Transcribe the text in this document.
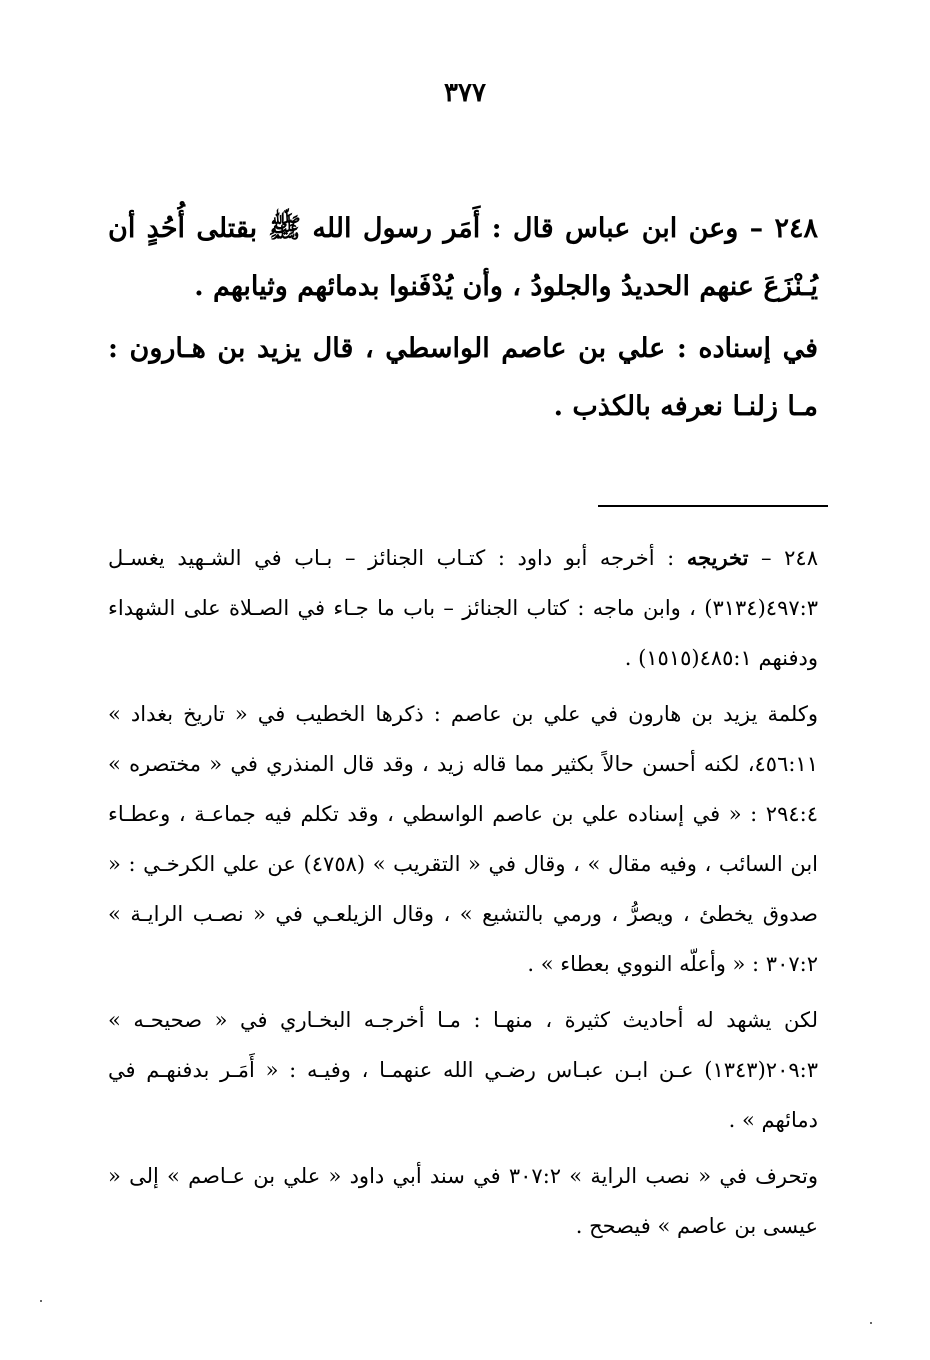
٣٧٧

٢٤٨ – وعن ابن عباس قال : أَمَر رسول الله ﷺ بقتلى أُحُدٍ أن يُـنْزَعَ عنهم الحديدُ والجلودُ ، وأن يُدْفَنوا بدمائهم وثيابهم .

في إسناده : علي بن عاصم الواسطي ، قال يزيد بن هـارون : مـا زلنـا نعرفه بالكذب .

٢٤٨ – تخريجه : أخرجه أبو داود : كتـاب الجنائز – بـاب في الشـهيد يغسـل ٤٩٧:٣(٣١٣٤) ، وابن ماجه : كتاب الجنائز – باب ما جـاء في الصـلاة على الشهداء ودفنهم ٤٨٥:١(١٥١٥) .

وكلمة يزيد بن هارون في علي بن عاصم : ذكرها الخطيب في « تاريخ بغداد » ٤٥٦:١١، لكنه أحسن حالاً بكثير مما قاله زيد ، وقد قال المنذري في « مختصره » ٢٩٤:٤ : « في إسناده علي بن عاصم الواسطي ، وقد تكلم فيه جماعـة ، وعطـاء ابن السائب ، وفيه مقال » ، وقال في « التقريب » (٤٧٥٨) عن علي الكرخـي : « صدوق يخطئ ، ويصرُّ ، ورمي بالتشيع » ، وقال الزيلعـي في « نصـب الرايـة » ٣٠٧:٢ : « وأعلّه النووي بعطاء » .

لكن يشهد له أحاديث كثيرة ، منهـا : مـا أخرجـه البخـاري في « صحيحـه » ٢٠٩:٣(١٣٤٣) عـن ابـن عبـاس رضـي الله عنهمـا ، وفيـه : « أَمَـر بدفنهـم في دمائهم » .

وتحرف في « نصب الراية » ٣٠٧:٢ في سند أبي داود « علي بن عـاصم » إلى « عيسى بن عاصم » فيصحح .
